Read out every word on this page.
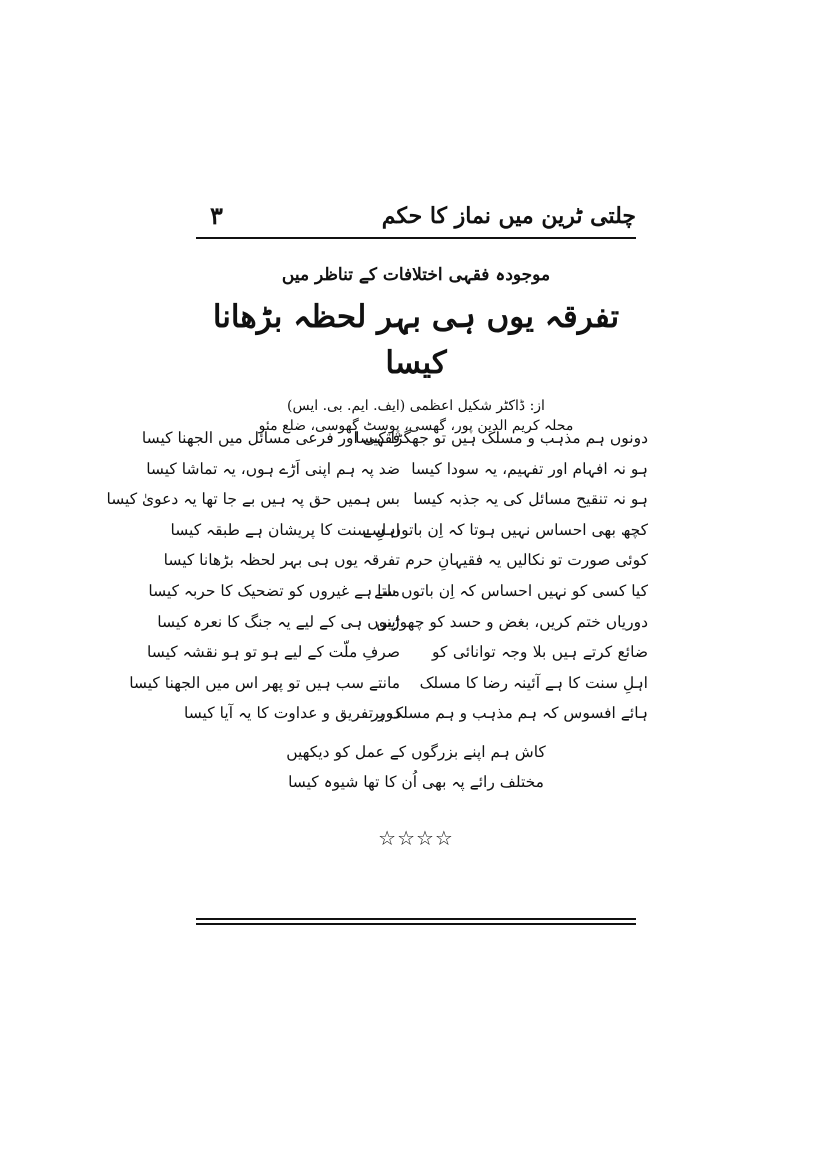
چلتی ٹرین میں نماز کا حکم
۳
موجودہ فقہی اختلافات کے تناظر میں
تفرقہ یوں ہی بہر لحظہ بڑھانا کیسا
از: ڈاکٹر شکیل اعظمی (ایف. ایم. بی. ایس)
محلہ کریم الدین پور، گھسی، پوسٹ گھوسی، ضلع مئو
دونوں ہم مذہب و مسلک ہیں تو جھگڑا کیسا
فقہی اور فرعی مسائل میں الجھنا کیسا
ہو نہ افہام اور تفہیم، یہ سودا کیسا
ضد پہ ہم اپنی اَڑے ہوں، یہ تماشا کیسا
ہو نہ تنقیح مسائل کی یہ جذبہ کیسا
بس ہمیں حق پہ ہیں بے جا تھا یہ دعویٰ کیسا
کچھ بھی احساس نہیں ہوتا کہ اِن باتوں سے
اہلِ سنت کا پریشان ہے طبقہ کیسا
کوئی صورت تو نکالیں یہ فقیہانِ حرم
تفرقہ یوں ہی بہر لحظہ بڑھانا کیسا
کیا کسی کو نہیں احساس کہ اِن باتوں سے
ملتا ہے غیروں کو تضحیک کا حربہ کیسا
دوریاں ختم کریں، بغض و حسد کو چھوڑیں
اپنوں ہی کے لیے یہ جنگ کا نعرہ کیسا
ضائع کرتے ہیں بلا وجہ توانائی کو
صرفِ ملّت کے لیے ہو تو ہو نقشہ کیسا
اہلِ سنت کا ہے آئینہ رضا کا مسلک
مانتے سب ہیں تو پھر اس میں الجھنا کیسا
ہائے افسوس کہ ہم مذہب و ہم مسلک پر
دور تفریق و عداوت کا یہ آیا کیسا
کاش ہم اپنے بزرگوں کے عمل کو دیکھیں
مختلف رائے پہ بھی اُن کا تھا شیوہ کیسا
☆☆☆☆
